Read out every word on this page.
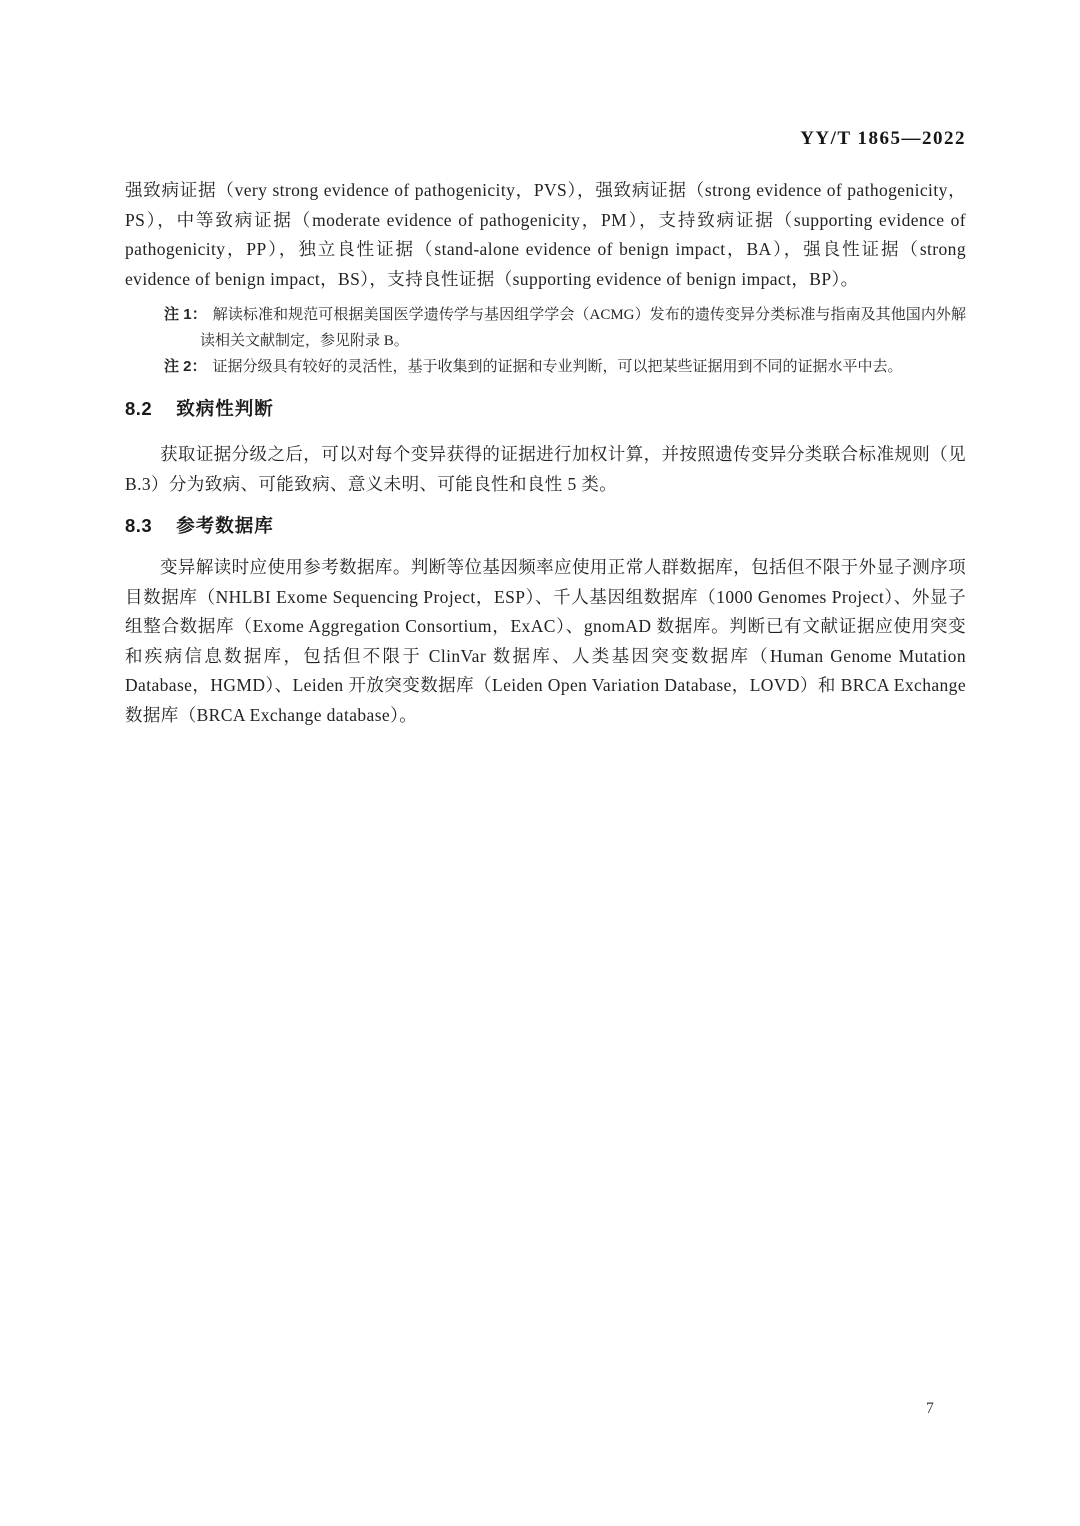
YY/T 1865—2022

强致病证据（very strong evidence of pathogenicity，PVS），强致病证据（strong evidence of pathogenicity，PS），中等致病证据（moderate evidence of pathogenicity，PM），支持致病证据（supporting evidence of pathogenicity，PP），独立良性证据（stand-alone evidence of benign impact，BA），强良性证据（strong evidence of benign impact，BS），支持良性证据（supporting evidence of benign impact，BP）。

注 1： 解读标准和规范可根据美国医学遗传学与基因组学学会（ACMG）发布的遗传变异分类标准与指南及其他国内外解读相关文献制定，参见附录 B。
注 2： 证据分级具有较好的灵活性，基于收集到的证据和专业判断，可以把某些证据用到不同的证据水平中去。
8.2 致病性判断

获取证据分级之后，可以对每个变异获得的证据进行加权计算，并按照遗传变异分类联合标准规则（见 B.3）分为致病、可能致病、意义未明、可能良性和良性 5 类。

8.3 参考数据库

变异解读时应使用参考数据库。判断等位基因频率应使用正常人群数据库，包括但不限于外显子测序项目数据库（NHLBI Exome Sequencing Project，ESP）、千人基因组数据库（1000 Genomes Project）、外显子组整合数据库（Exome Aggregation Consortium，ExAC）、gnomAD 数据库。判断已有文献证据应使用突变和疾病信息数据库，包括但不限于 ClinVar 数据库、人类基因突变数据库（Human Genome Mutation Database，HGMD）、Leiden 开放突变数据库（Leiden Open Variation Database，LOVD）和 BRCA Exchange 数据库（BRCA Exchange database）。

7
